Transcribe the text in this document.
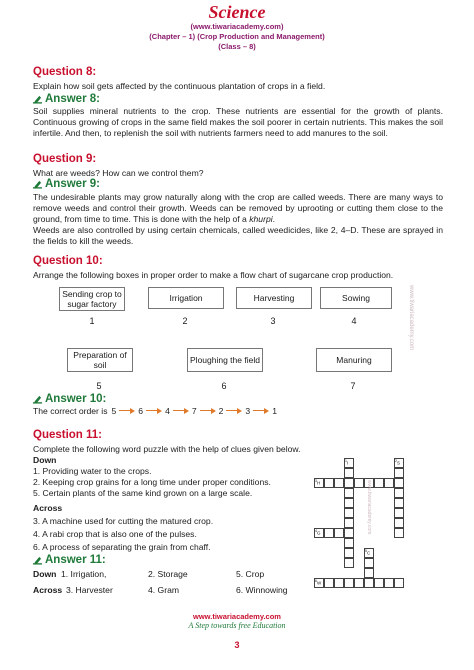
Science
(www.tiwariacademy.com)
(Chapter – 1) (Crop Production and Management)
(Class – 8)
Question 8:
Explain how soil gets affected by the continuous plantation of crops in a field.
Answer 8:
Soil supplies mineral nutrients to the crop. These nutrients are essential for the growth of plants. Continuous growing of crops in the same field makes the soil poorer in certain nutrients. This makes the soil infertile. And then, to replenish the soil with nutrients farmers need to add manures to the soil.
Question 9:
What are weeds? How can we control them?
Answer 9:
The undesirable plants may grow naturally along with the crop are called weeds. There are many ways to remove weeds and control their growth. Weeds can be removed by uprooting or cutting them close to the ground, from time to time. This is done with the help of a khurpi.
Weeds are also controlled by using certain chemicals, called weedicides, like 2, 4–D. These are sprayed in the fields to kill the weeds.
Question 10:
Arrange the following boxes in proper order to make a flow chart of sugarcane crop production.
Sending crop to sugar factory
Irrigation	Harvesting	Sowing
1	2	3	4
Preparation of soil	Ploughing the field	Manuring
5	6	7
Answer 10:
The correct order is 5	6	4	7	2	3	1
Question 11:
Complete the following word puzzle with the help of clues given below.
Down
1. Providing water to the crops.
2. Keeping crop grains for a long time under proper conditions.
5. Certain plants of the same kind grown on a large scale.
Across
3. A machine used for cutting the matured crop.
4. A rabi crop that is also one of the pulses.
6. A process of separating the grain from chaff.
Answer 11:
Down 1. Irrigation,	2. Storage	5. Crop
Across 3. Harvester	4. Gram	6. Winnowing
$^1$I	$^2$S
$^3$H
$^4$G
$^5$C
$^6$W
www.tiwariacademy.com
www.tiwariacademy.com
www.tiwariacademy.com
A Step towards free Education
3
